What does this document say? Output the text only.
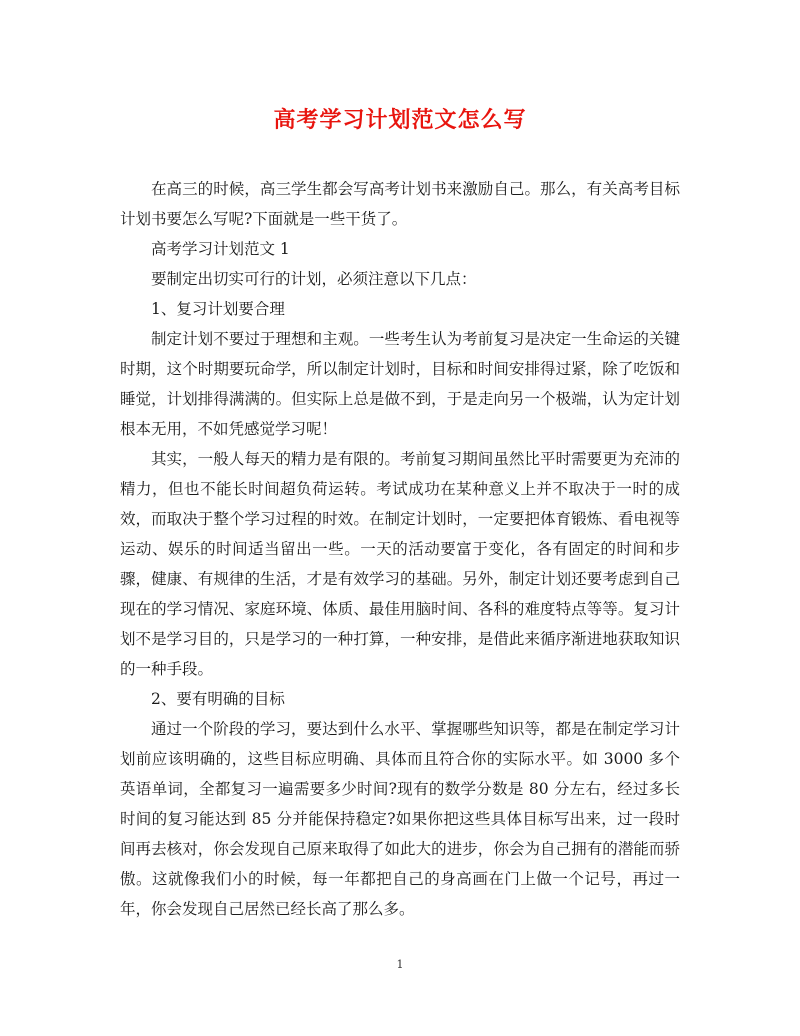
高考学习计划范文怎么写

在高三的时候，高三学生都会写高考计划书来激励自己。那么，有关高考目标计划书要怎么写呢?下面就是一些干货了。

高考学习计划范文 1

要制定出切实可行的计划，必须注意以下几点：

1、复习计划要合理

制定计划不要过于理想和主观。一些考生认为考前复习是决定一生命运的关键时期，这个时期要玩命学，所以制定计划时，目标和时间安排得过紧，除了吃饭和睡觉，计划排得满满的。但实际上总是做不到，于是走向另一个极端，认为定计划根本无用，不如凭感觉学习呢！

其实，一般人每天的精力是有限的。考前复习期间虽然比平时需要更为充沛的精力，但也不能长时间超负荷运转。考试成功在某种意义上并不取决于一时的成效，而取决于整个学习过程的时效。在制定计划时，一定要把体育锻炼、看电视等运动、娱乐的时间适当留出一些。一天的活动要富于变化，各有固定的时间和步骤，健康、有规律的生活，才是有效学习的基础。另外，制定计划还要考虑到自己现在的学习情况、家庭环境、体质、最佳用脑时间、各科的难度特点等等。复习计划不是学习目的，只是学习的一种打算，一种安排，是借此来循序渐进地获取知识的一种手段。

2、要有明确的目标

通过一个阶段的学习，要达到什么水平、掌握哪些知识等，都是在制定学习计划前应该明确的，这些目标应明确、具体而且符合你的实际水平。如 3000 多个英语单词，全都复习一遍需要多少时间?现有的数学分数是 80 分左右，经过多长时间的复习能达到 85 分并能保持稳定?如果你把这些具体目标写出来，过一段时间再去核对，你会发现自己原来取得了如此大的进步，你会为自己拥有的潜能而骄傲。这就像我们小的时候，每一年都把自己的身高画在门上做一个记号，再过一年，你会发现自己居然已经长高了那么多。

1
